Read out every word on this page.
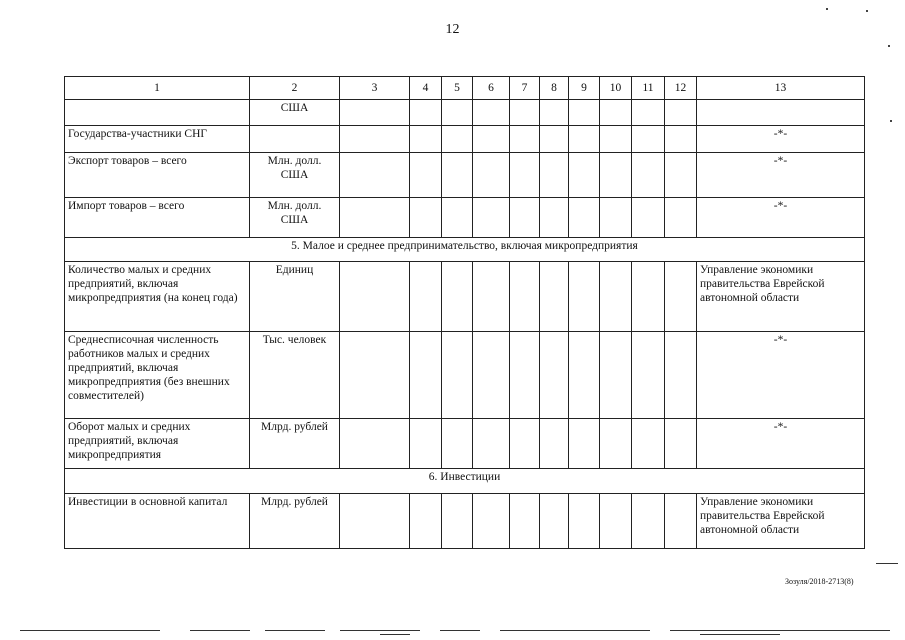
12
1	2	3	4	5	6	7	8	9	10	11	12	13
	США											
Государства-участники СНГ												-*-
Экспорт товаров – всего	Млн. долл. США											-*-
Импорт товаров – всего	Млн. долл. США											-*-
5. Малое и среднее предпринимательство, включая микропредприятия												
Количество малых и средних предприятий, включая микропредприятия (на конец года)	Единиц											Управление экономики правительства Еврейской автономной области
Среднесписочная численность работников малых и средних предприятий, включая микропредприятия (без внешних совместителей)	Тыс. человек											-*-
Оборот малых и средних предприятий, включая микропредприятия	Млрд. рублей											-*-
6. Инвестиции												
Инвестиции в основной капитал	Млрд. рублей											Управление экономики правительства Еврейской автономной области
Зозуля/2018-2713(8)
